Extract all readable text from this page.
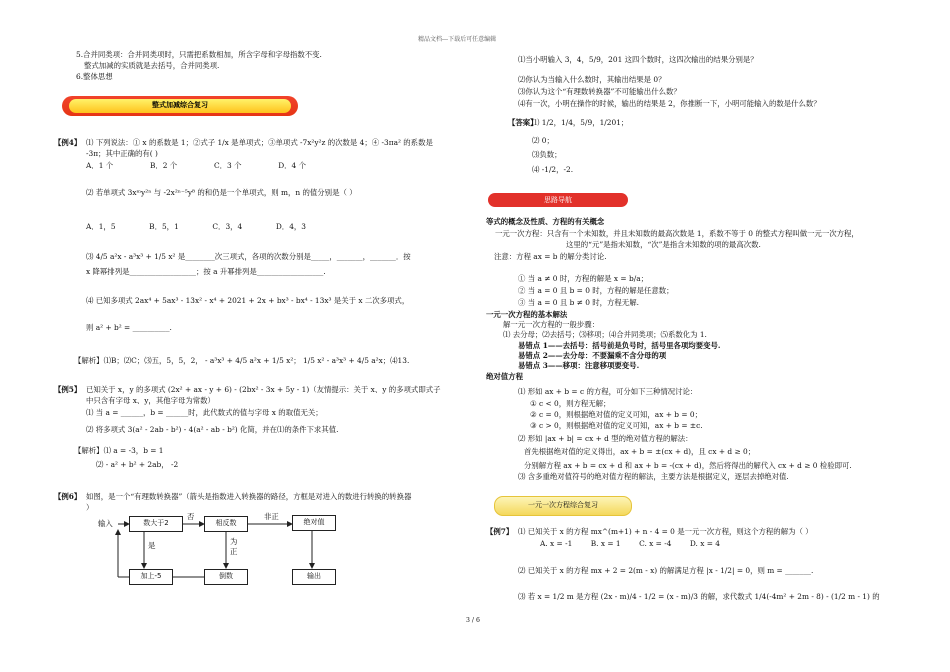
精品文档---下载后可任意编辑
3 / 6
5.合并同类项：合并同类项时，只需把系数相加，所含字母和字母指数不变.
整式加减的实质就是去括号，合并同类项.
6.整体思想
整式加减综合复习
【例4】 ⑴ 下列说法：① x 的系数是 1；②式子 1/x 是单项式；③单项式 -7x²y²z 的次数是 4；④ -3πa² 的系数是
-3π；其中正确的有( )
A．1 个	B．2 个	C．3 个	D．4 个
⑵ 若单项式 3xᵐy²ⁿ 与 -2x²ⁿ⁻⁵y⁸ 的和仍是一个单项式，则 m，n 的值分别是（ ）
A．1，5	B．5，1	C．3，4	D．4，3
⑶ 4/5 a²x - a³x³ + 1/5 x² 是________次三项式，各项的次数分别是_____，_______，_______．按
x 降幂排列是__________________；按 a 升幂排列是__________________.
⑷ 已知多项式 2ax⁴ + 5ax³ - 13x² - x⁴ + 2021 + 2x + bx³ - bx⁴ - 13x³ 是关于 x 二次多项式，
则 a² + b² = __________.
【解析】⑴B；⑵C；⑶五，5，5，2， - a³x³ + 4/5 a²x + 1/5 x²； 1/5 x² - a³x³ + 4/5 a²x；⑷13.
【例5】 已知关于 x，y 的多项式 (2x² + ax - y + 6) - (2bx² - 3x + 5y - 1)（友情提示：关于 x、y 的多项式即式子
中只含有字母 x、y，其他字母为常数）
⑴ 当 a = ______，b = ______时，此代数式的值与字母 x 的取值无关；
⑵ 将多项式 3(a² - 2ab - b²) - 4(a² - ab - b²) 化简，并在⑴的条件下求其值.
【解析】⑴ a = -3，b = 1
⑵ - a² + b² + 2ab， -2
【例6】 如图，是一个“有理数转换器”（箭头是指数进入转换器的路径，方框是对进入的数进行转换的转换器
）
输入	数大于2
否
相反数
非正
绝对值
是	为
正
加上-5	倒数	输出
⑴当小明输入 3，4，5/9，201 这四个数时，这四次输出的结果分别是？
⑵你认为当输入什么数时，其输出结果是 0？
⑶你认为这个“有理数转换器”不可能输出什么数？
⑷有一次，小明在操作的时候，输出的结果是 2，你推断一下，小明可能输入的数是什么数？
【答案】
⑴ 1/2，1/4，5/9，1/201；
⑵ 0；
⑶负数；
⑷ -1/2，-2.
思路导航
等式的概念及性质、方程的有关概念
一元一次方程：只含有一个未知数，并且未知数的最高次数是 1，系数不等于 0 的整式方程叫做一元一次方程，
这里的“元”是指未知数，“次”是指含未知数的项的最高次数.
注意：方程 ax = b 的解分类讨论.
① 当 a ≠ 0 时，方程的解是 x = b/a；
② 当 a = 0 且 b = 0 时，方程的解是任意数；
③ 当 a = 0 且 b ≠ 0 时，方程无解.
一元一次方程的基本解法
解一元一次方程的一般步骤：
⑴ 去分母；⑵去括号；⑶移项；⑷合并同类项；⑸系数化为 1.
易错点 1——去括号：括号前是负号时，括号里各项均要变号.
易错点 2——去分母：不要漏乘不含分母的项
易错点 3——移项：注意移项要变号.
绝对值方程
⑴ 形如 ax + b = c 的方程，可分如下三种情况讨论：
① c < 0，则方程无解；
② c = 0，则根据绝对值的定义可知，ax + b = 0；
③ c > 0，则根据绝对值的定义可知，ax + b = ±c.
⑵ 形如 |ax + b| = cx + d 型的绝对值方程的解法：
首先根据绝对值的定义得出，ax + b = ±(cx + d)，且 cx + d ≥ 0；
分别解方程 ax + b = cx + d 和 ax + b = -(cx + d)，然后将得出的解代入 cx + d ≥ 0 检验即可.
⑶ 含多重绝对值符号的绝对值方程的解法，主要方法是根据定义，逐层去掉绝对值.
一元一次方程综合复习
【例7】 ⑴ 已知关于 x 的方程 mx^(m+1) + n - 4 = 0 是一元一次方程，则这个方程的解为（ ）
A. x = -1 B. x = 1 C. x = -4 D. x = 4
⑵ 已知关于 x 的方程 mx + 2 = 2(m - x) 的解满足方程 |x - 1/2| = 0，则 m = _______.
⑶ 若 x = 1/2 m 是方程 (2x - m)/4 - 1/2 = (x - m)/3 的解，求代数式 1/4(-4m² + 2m - 8) - (1/2 m - 1) 的
